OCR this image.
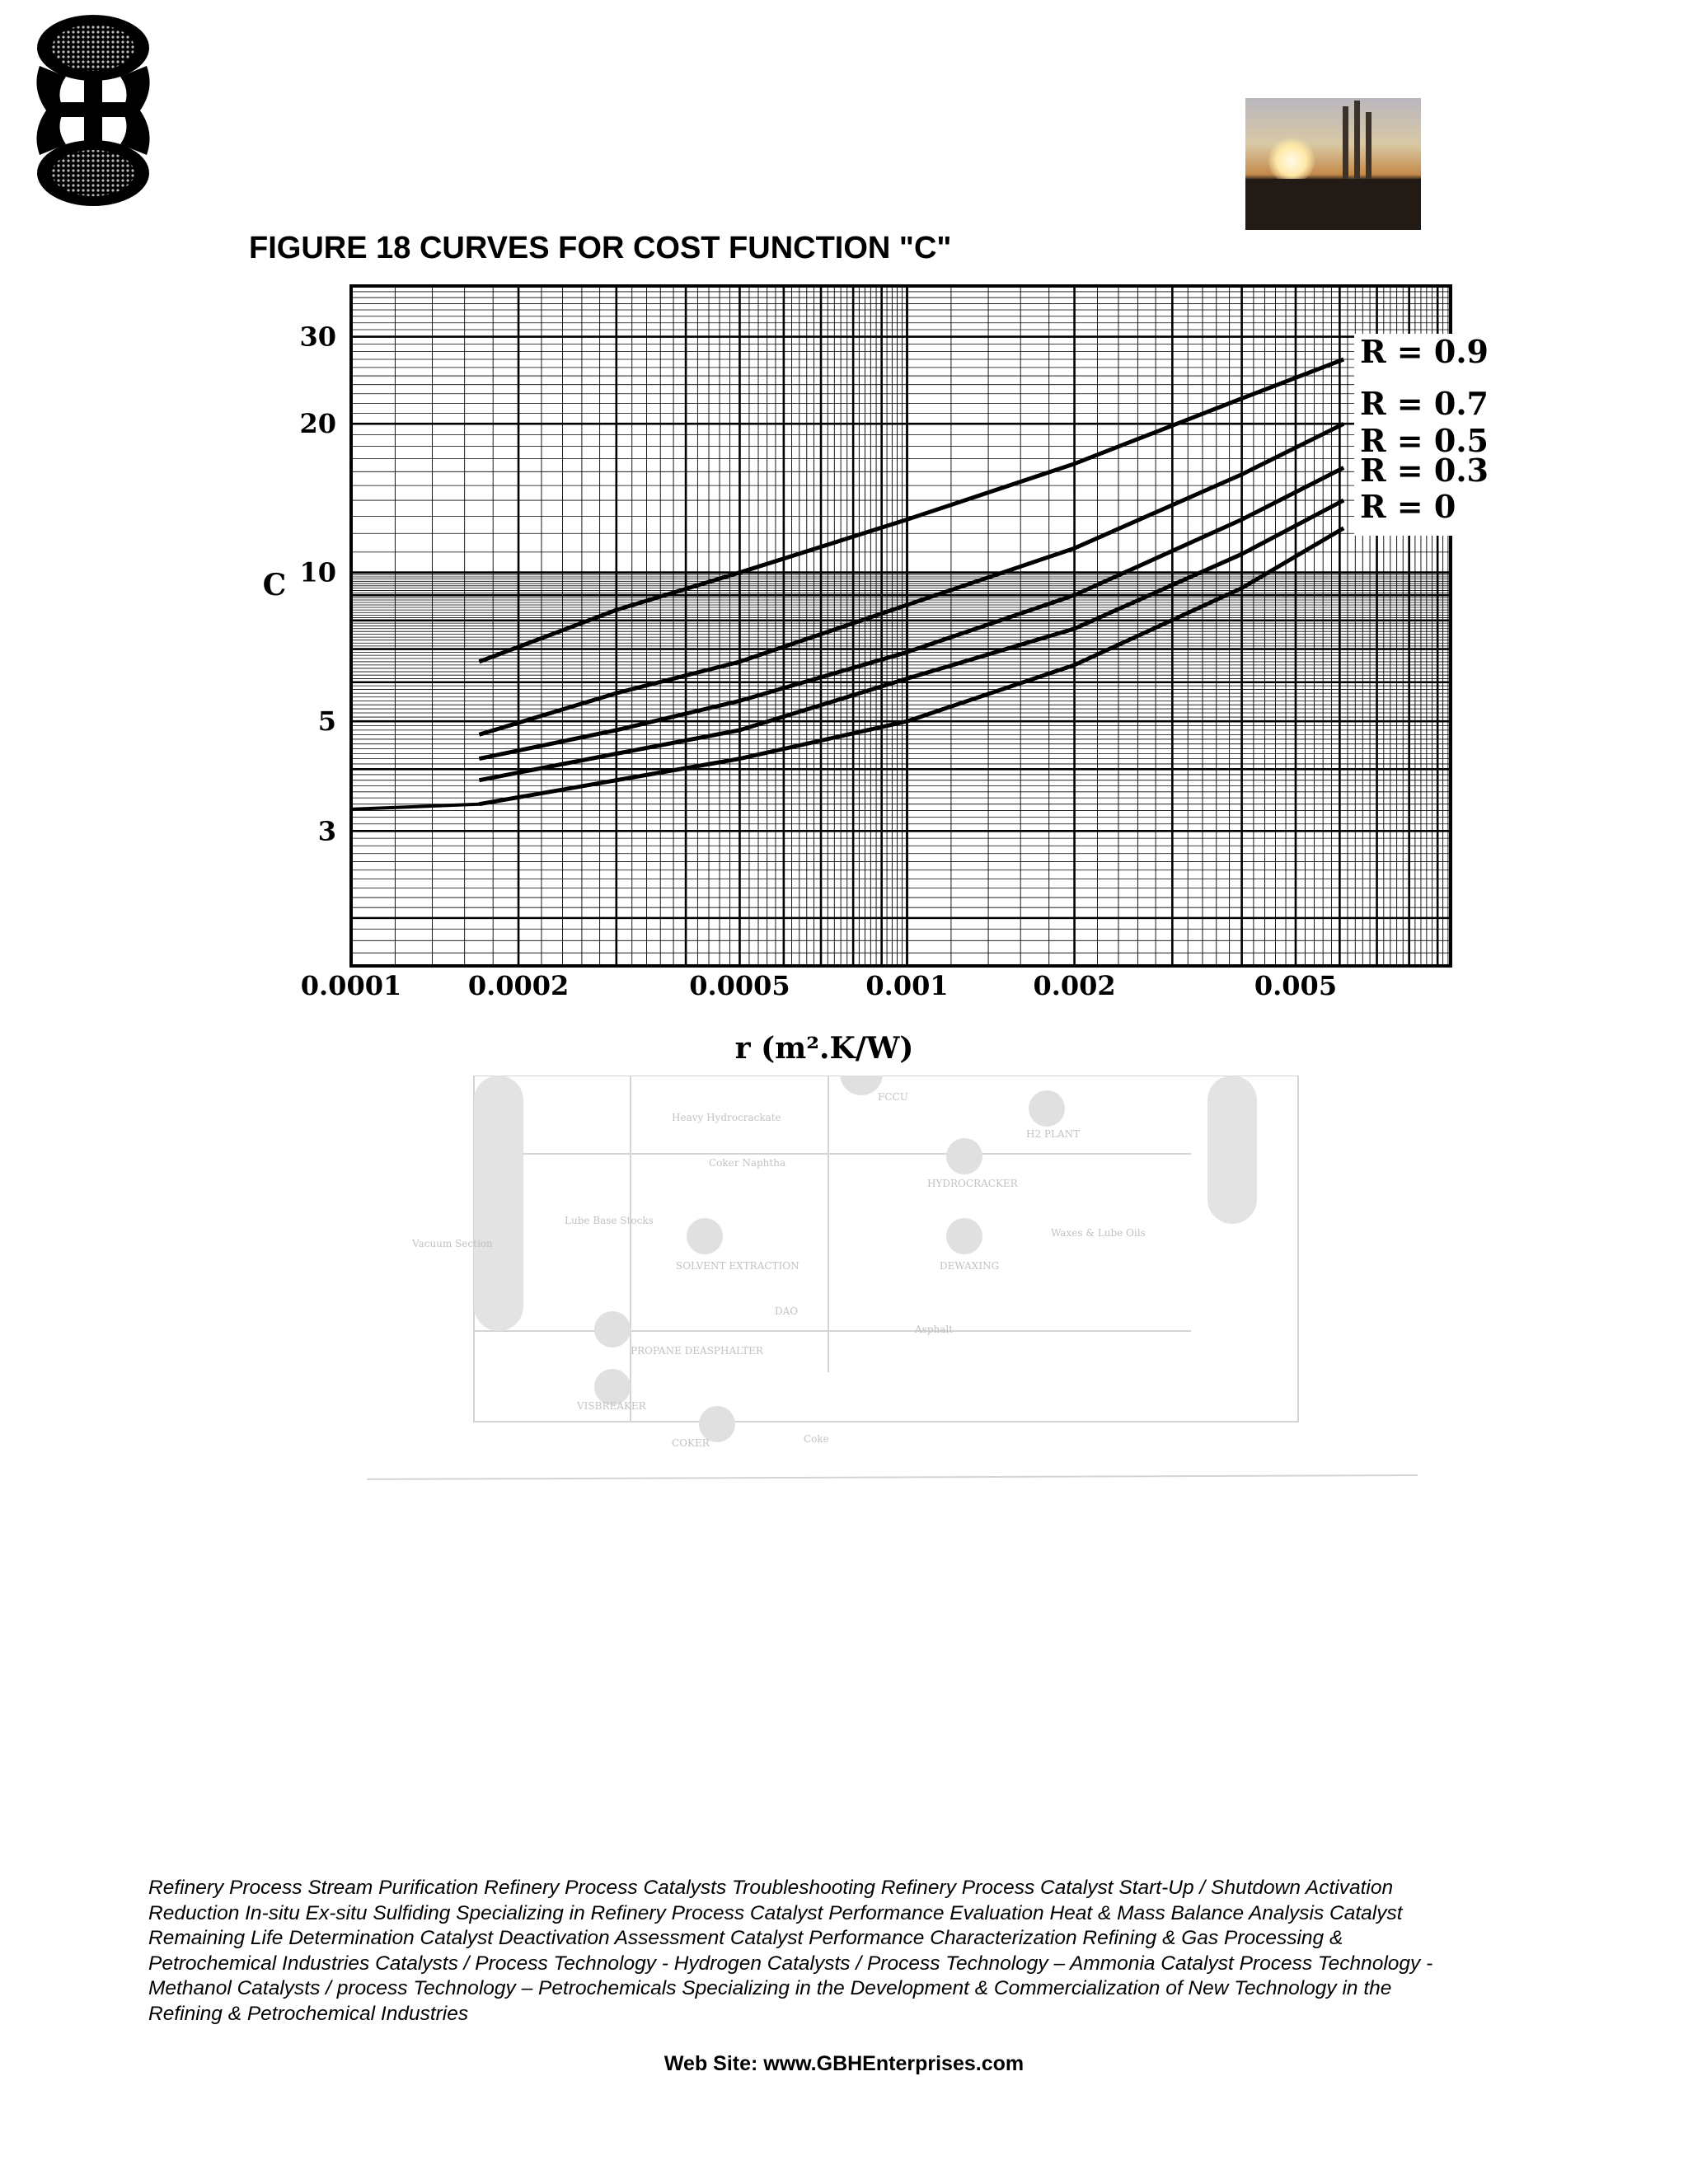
FIGURE 18 CURVES FOR COST FUNCTION "C"
R = 0.9
R = 0.7
R = 0.5
R = 0.3
R = 0
0.0001	0.0002	0.0005	0.001	0.002	0.005
3
5
10
20
30
r (m².K/W)
C
FCCU
Heavy Hydrocrackate
H2 PLANT
Coker Naphtha
HYDROCRACKER
Vacuum Section
Lube Base Stocks
SOLVENT EXTRACTION
Waxes & Lube Oils
DEWAXING
DAO
Asphalt
PROPANE DEASPHALTER
VISBREAKER
COKER	Coke
Refinery Process Stream Purification Refinery Process Catalysts Troubleshooting Refinery Process Catalyst Start-Up / Shutdown Activation Reduction In-situ Ex-situ Sulfiding Specializing in Refinery Process Catalyst Performance Evaluation Heat & Mass Balance Analysis Catalyst Remaining Life Determination Catalyst Deactivation Assessment Catalyst Performance Characterization Refining & Gas Processing & Petrochemical Industries Catalysts / Process Technology - Hydrogen Catalysts / Process Technology – Ammonia Catalyst Process Technology - Methanol Catalysts / process Technology – Petrochemicals Specializing in the Development & Commercialization of New Technology in the Refining & Petrochemical Industries
Web Site: www.GBHEnterprises.com
